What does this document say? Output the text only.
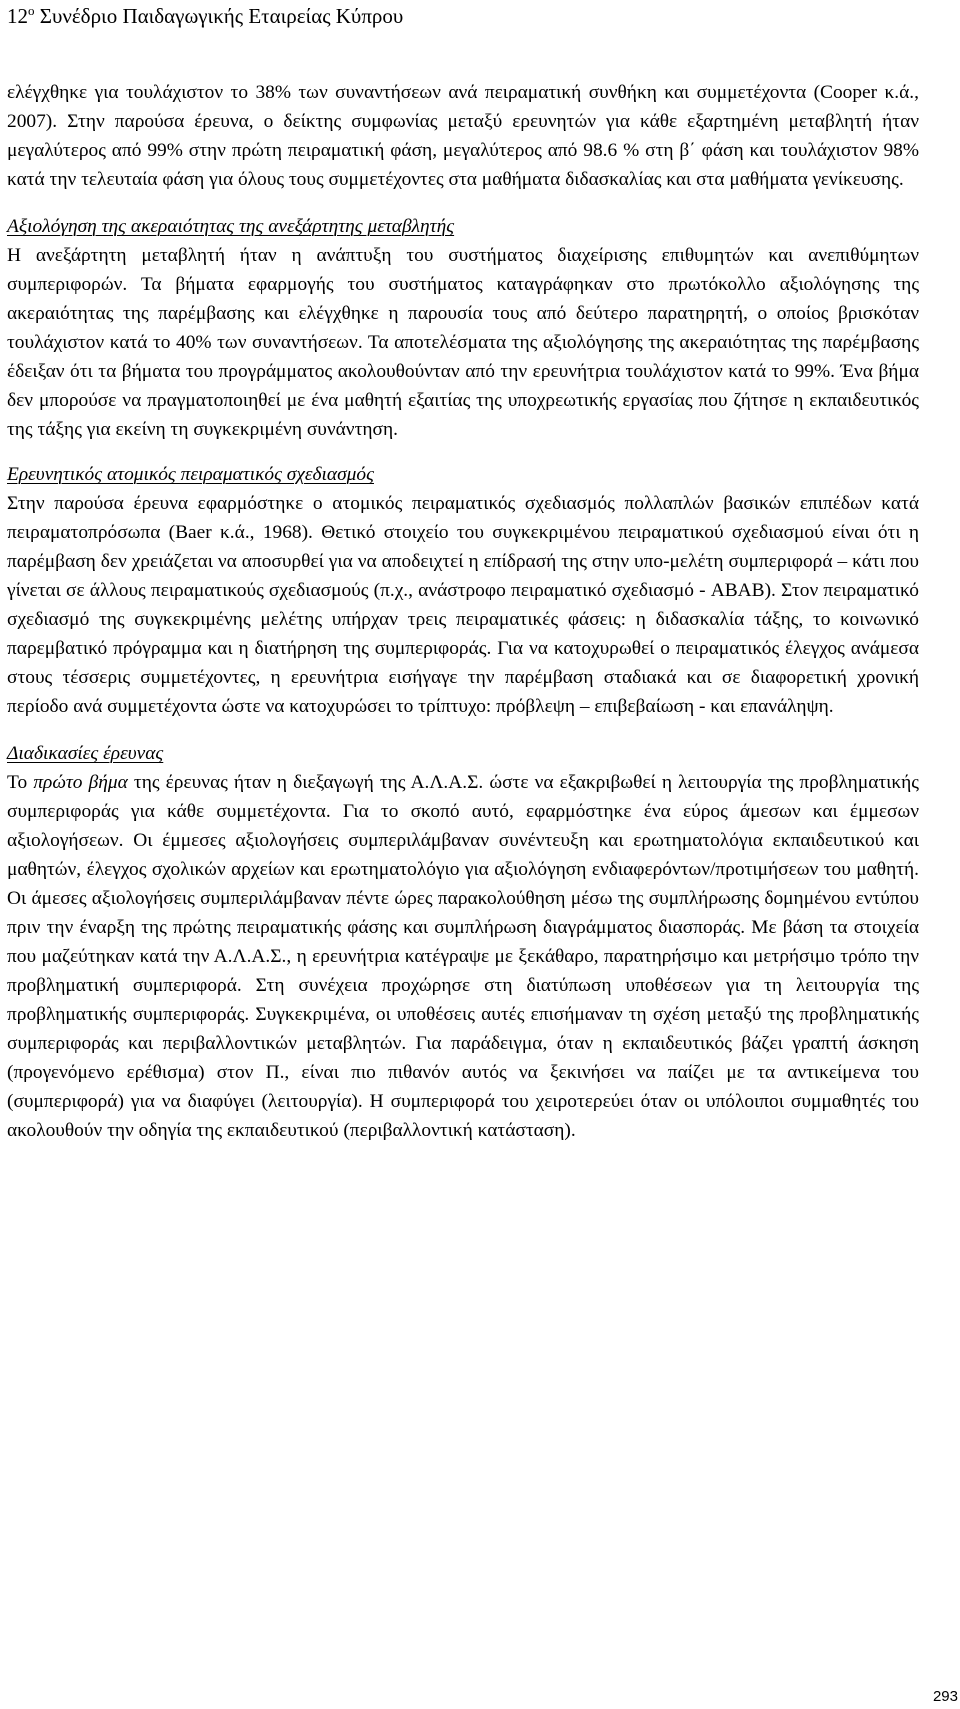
$12^o$ Συνέδριο Παιδαγωγικής Εταιρείας Κύπρου

ελέγχθηκε για τουλάχιστον το 38% των συναντήσεων ανά πειραματική συνθήκη και συμμετέχοντα (Cooper κ.ά., 2007). Στην παρούσα έρευνα, ο δείκτης συμφωνίας μεταξύ ερευνητών για κάθε εξαρτημένη μεταβλητή ήταν μεγαλύτερος από 99% στην πρώτη πειραματική φάση, μεγαλύτερος από 98.6 % στη β΄ φάση και τουλάχιστον 98% κατά την τελευταία φάση για όλους τους συμμετέχοντες στα μαθήματα διδασκαλίας και στα μαθήματα γενίκευσης.

Αξιολόγηση της ακεραιότητας της ανεξάρτητης μεταβλητής

Η ανεξάρτητη μεταβλητή ήταν η ανάπτυξη του συστήματος διαχείρισης επιθυμητών και ανεπιθύμητων συμπεριφορών. Τα βήματα εφαρμογής του συστήματος καταγράφηκαν στο πρωτόκολλο αξιολόγησης της ακεραιότητας της παρέμβασης και ελέγχθηκε η παρουσία τους από δεύτερο παρατηρητή, ο οποίος βρισκόταν τουλάχιστον κατά το 40% των συναντήσεων. Τα αποτελέσματα της αξιολόγησης της ακεραιότητας της παρέμβασης έδειξαν ότι τα βήματα του προγράμματος ακολουθούνταν από την ερευνήτρια τουλάχιστον κατά το 99%. Ένα βήμα δεν μπορούσε να πραγματοποιηθεί με ένα μαθητή εξαιτίας της υποχρεωτικής εργασίας που ζήτησε η εκπαιδευτικός της τάξης για εκείνη τη συγκεκριμένη συνάντηση.

Ερευνητικός ατομικός πειραματικός σχεδιασμός

Στην παρούσα έρευνα εφαρμόστηκε ο ατομικός πειραματικός σχεδιασμός πολλαπλών βασικών επιπέδων κατά πειραματοπρόσωπα (Baer κ.ά., 1968). Θετικό στοιχείο του συγκεκριμένου πειραματικού σχεδιασμού είναι ότι η παρέμβαση δεν χρειάζεται να αποσυρθεί για να αποδειχτεί η επίδρασή της στην υπο-μελέτη συμπεριφορά – κάτι που γίνεται σε άλλους πειραματικούς σχεδιασμούς (π.χ., ανάστροφο πειραματικό σχεδιασμό - ABAB). Στον πειραματικό σχεδιασμό της συγκεκριμένης μελέτης υπήρχαν τρεις πειραματικές φάσεις: η διδασκαλία τάξης, το κοινωνικό παρεμβατικό πρόγραμμα και η διατήρηση της συμπεριφοράς. Για να κατοχυρωθεί ο πειραματικός έλεγχος ανάμεσα στους τέσσερις συμμετέχοντες, η ερευνήτρια εισήγαγε την παρέμβαση σταδιακά και σε διαφορετική χρονική περίοδο ανά συμμετέχοντα ώστε να κατοχυρώσει το τρίπτυχο: πρόβλεψη – επιβεβαίωση - και επανάληψη.

Διαδικασίες έρευνας

Το πρώτο βήμα της έρευνας ήταν η διεξαγωγή της Α.Λ.Α.Σ. ώστε να εξακριβωθεί η λειτουργία της προβληματικής συμπεριφοράς για κάθε συμμετέχοντα. Για το σκοπό αυτό, εφαρμόστηκε ένα εύρος άμεσων και έμμεσων αξιολογήσεων. Οι έμμεσες αξιολογήσεις συμπεριλάμβαναν συνέντευξη και ερωτηματολόγια εκπαιδευτικού και μαθητών, έλεγχος σχολικών αρχείων και ερωτηματολόγιο για αξιολόγηση ενδιαφερόντων/προτιμήσεων του μαθητή. Οι άμεσες αξιολογήσεις συμπεριλάμβαναν πέντε ώρες παρακολούθηση μέσω της συμπλήρωσης δομημένου εντύπου πριν την έναρξη της πρώτης πειραματικής φάσης και συμπλήρωση διαγράμματος διασποράς. Με βάση τα στοιχεία που μαζεύτηκαν κατά την Α.Λ.Α.Σ., η ερευνήτρια κατέγραψε με ξεκάθαρο, παρατηρήσιμο και μετρήσιμο τρόπο την προβληματική συμπεριφορά. Στη συνέχεια προχώρησε στη διατύπωση υποθέσεων για τη λειτουργία της προβληματικής συμπεριφοράς. Συγκεκριμένα, οι υποθέσεις αυτές επισήμαναν τη σχέση μεταξύ της προβληματικής συμπεριφοράς και περιβαλλοντικών μεταβλητών. Για παράδειγμα, όταν η εκπαιδευτικός βάζει γραπτή άσκηση (προγενόμενο ερέθισμα) στον Π., είναι πιο πιθανόν αυτός να ξεκινήσει να παίζει με τα αντικείμενα του (συμπεριφορά) για να διαφύγει (λειτουργία). Η συμπεριφορά του χειροτερεύει όταν οι υπόλοιποι συμμαθητές του ακολουθούν την οδηγία της εκπαιδευτικού (περιβαλλοντική κατάσταση).

293
